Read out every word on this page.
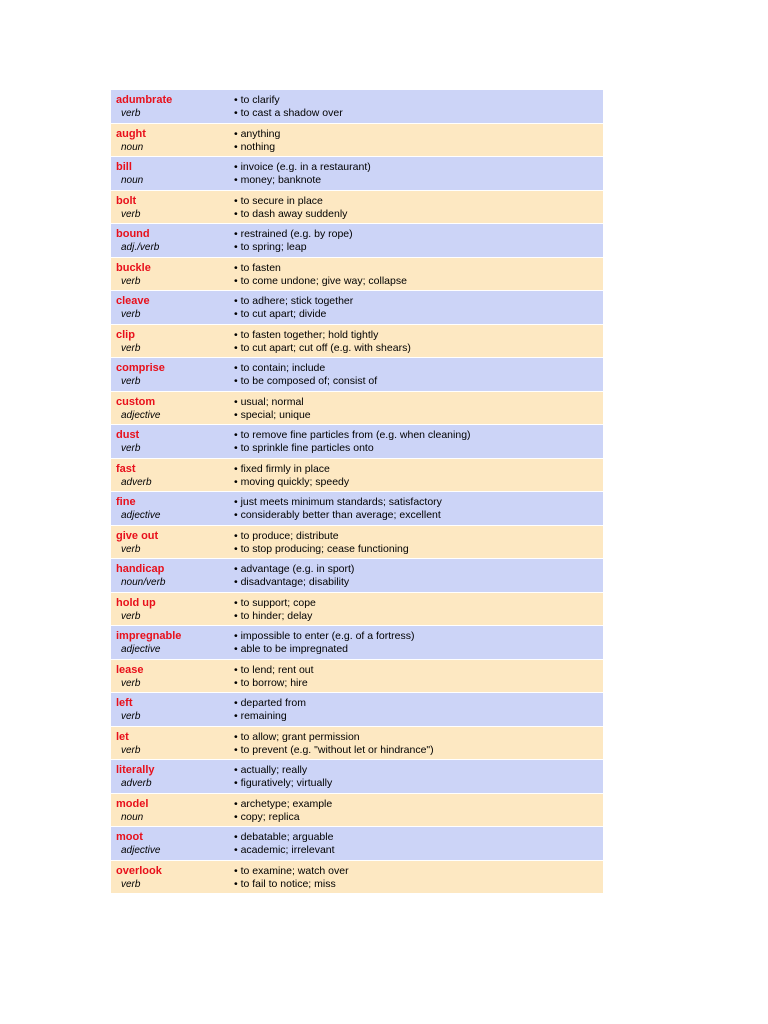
adumbrate
verb
• to clarify
• to cast a shadow over
aught
noun
• anything
• nothing
bill
noun
• invoice (e.g. in a restaurant)
• money; banknote
bolt
verb
• to secure in place
• to dash away suddenly
bound
adj./verb
• restrained (e.g. by rope)
• to spring; leap
buckle
verb
• to fasten
• to come undone; give way; collapse
cleave
verb
• to adhere; stick together
• to cut apart; divide
clip
verb
• to fasten together; hold tightly
• to cut apart; cut off (e.g. with shears)
comprise
verb
• to contain; include
• to be composed of; consist of
custom
adjective
• usual; normal
• special; unique
dust
verb
• to remove fine particles from (e.g. when cleaning)
• to sprinkle fine particles onto
fast
adverb
• fixed firmly in place
• moving quickly; speedy
fine
adjective
• just meets minimum standards; satisfactory
• considerably better than average; excellent
give out
verb
• to produce; distribute
• to stop producing; cease functioning
handicap
noun/verb
• advantage (e.g. in sport)
• disadvantage; disability
hold up
verb
• to support; cope
• to hinder; delay
impregnable
adjective
• impossible to enter (e.g. of a fortress)
• able to be impregnated
lease
verb
• to lend; rent out
• to borrow; hire
left
verb
• departed from
• remaining
let
verb
• to allow; grant permission
• to prevent (e.g. "without let or hindrance")
literally
adverb
• actually; really
• figuratively; virtually
model
noun
• archetype; example
• copy; replica
moot
adjective
• debatable; arguable
• academic; irrelevant
overlook
verb
• to examine; watch over
• to fail to notice; miss
